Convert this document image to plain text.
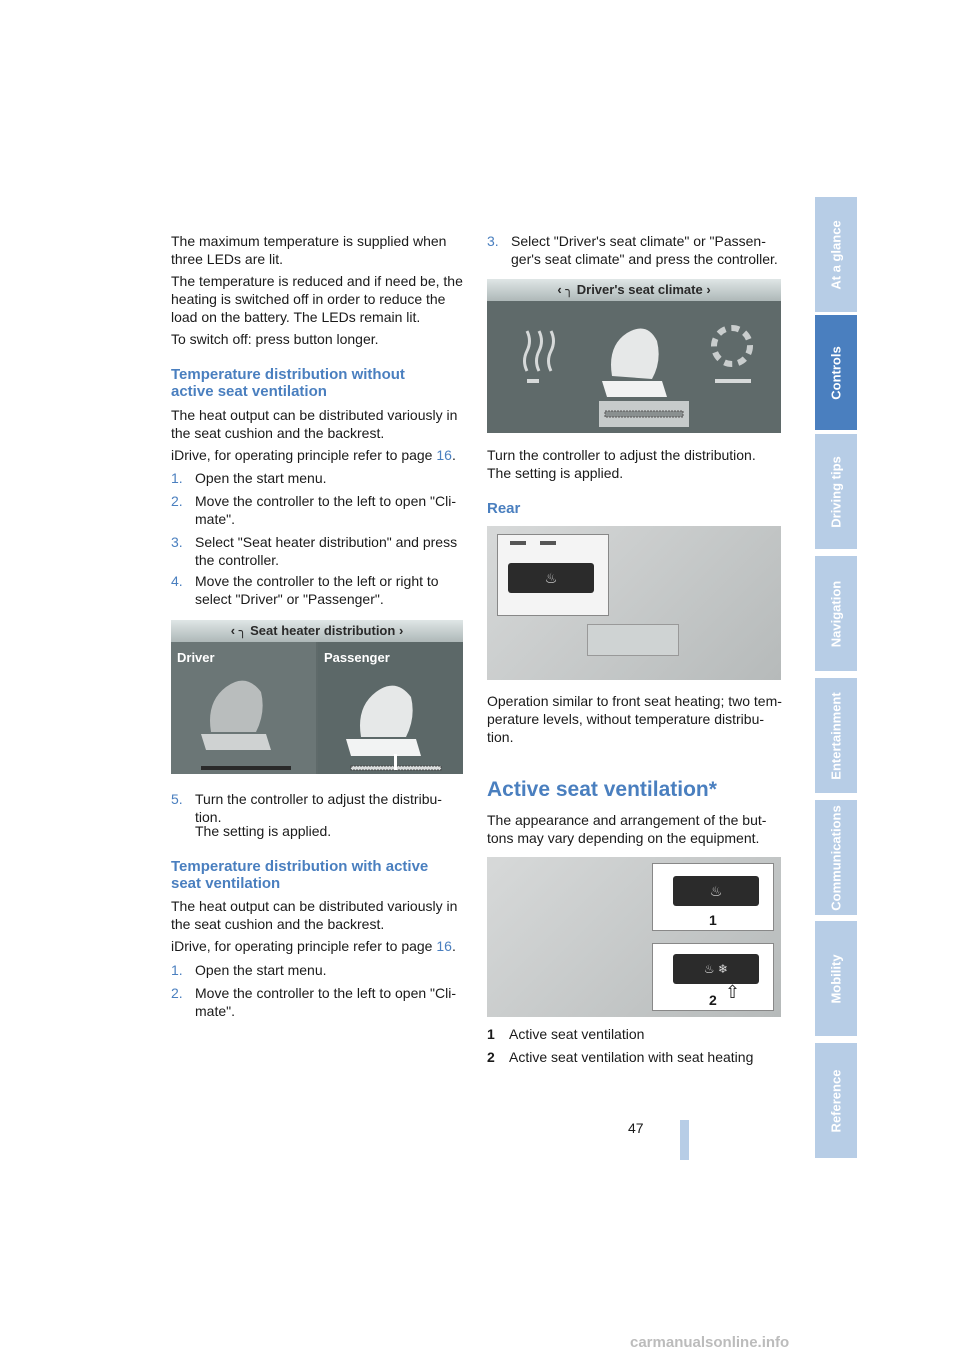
The maximum temperature is supplied when three LEDs are lit.

The temperature is reduced and if need be, the heating is switched off in order to reduce the load on the battery. The LEDs remain lit.

To switch off: press button longer.

Temperature distribution without active seat ventilation

The heat output can be distributed variously in the seat cushion and the backrest.

iDrive, for operating principle refer to page 16.

1. Open the start menu.
2. Move the controller to the left to open "Cli-mate".
3. Select "Seat heater distribution" and press the controller.
4. Move the controller to the left or right to select "Driver" or "Passenger".
‹ ╮ Seat heater distribution ›
Driver	Passenger

5. Turn the controller to adjust the distribu-tion.

The setting is applied.

Temperature distribution with active seat ventilation

The heat output can be distributed variously in the seat cushion and the backrest.

iDrive, for operating principle refer to page 16.

1. Open the start menu.
2. Move the controller to the left to open "Cli-mate".
3. Select "Driver's seat climate" or "Passen-ger's seat climate" and press the controller.
‹ ╮ Driver's seat climate ›

Turn the controller to adjust the distribution. The setting is applied.

Rear
♨

Operation similar to front seat heating; two tem-perature levels, without temperature distribu-tion.

Active seat ventilation*

The appearance and arrangement of the but-tons may vary depending on the equipment.

♨
1
♨ ❄
2 ⇧
1 Active seat ventilation
2 Active seat ventilation with seat heating
At a glance
Controls
Driving tips
Navigation
Entertainment
Communications
Mobility
Reference
47
carmanualsonline.info
